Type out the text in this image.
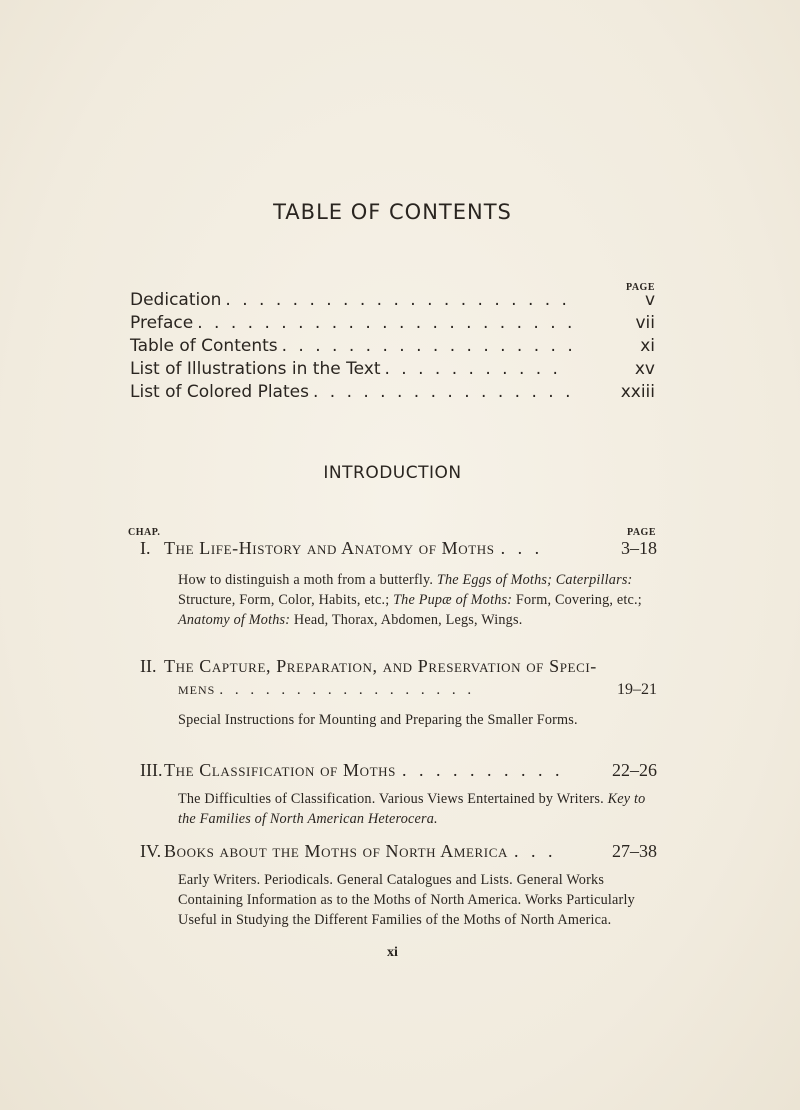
TABLE OF CONTENTS
PAGE
Dedication . . . . . . . . . . . . . . . . . . . . .	v
Preface . . . . . . . . . . . . . . . . . . . . . . .	vii
Table of Contents . . . . . . . . . . . . . . . . . .	xi
List of Illustrations in the Text . . . . . . . . . . .	xv
List of Colored Plates . . . . . . . . . . . . . . . .	xxiii
INTRODUCTION
CHAP.	PAGE
I. The Life-History and Anatomy of Moths . . .	3–18
How to distinguish a moth from a butterfly. The Eggs of Moths; Caterpillars: Structure, Form, Color, Habits, etc.; The Pupæ of Moths: Form, Covering, etc.; Anatomy of Moths: Head, Thorax, Abdomen, Legs, Wings.
II. The Capture, Preparation, and Preservation of Speci-
MENS . . . . . . . . . . . . . . . . .	19–21
Special Instructions for Mounting and Preparing the Smaller Forms.
III. The Classification of Moths . . . . . . . . . .	22–26
The Difficulties of Classification. Various Views Entertained by Writers. Key to the Families of North American Heterocera.
IV. Books about the Moths of North America . . .	27–38
Early Writers. Periodicals. General Catalogues and Lists. General Works Containing Information as to the Moths of North America. Works Particularly Useful in Studying the Different Families of the Moths of North America.
xi
